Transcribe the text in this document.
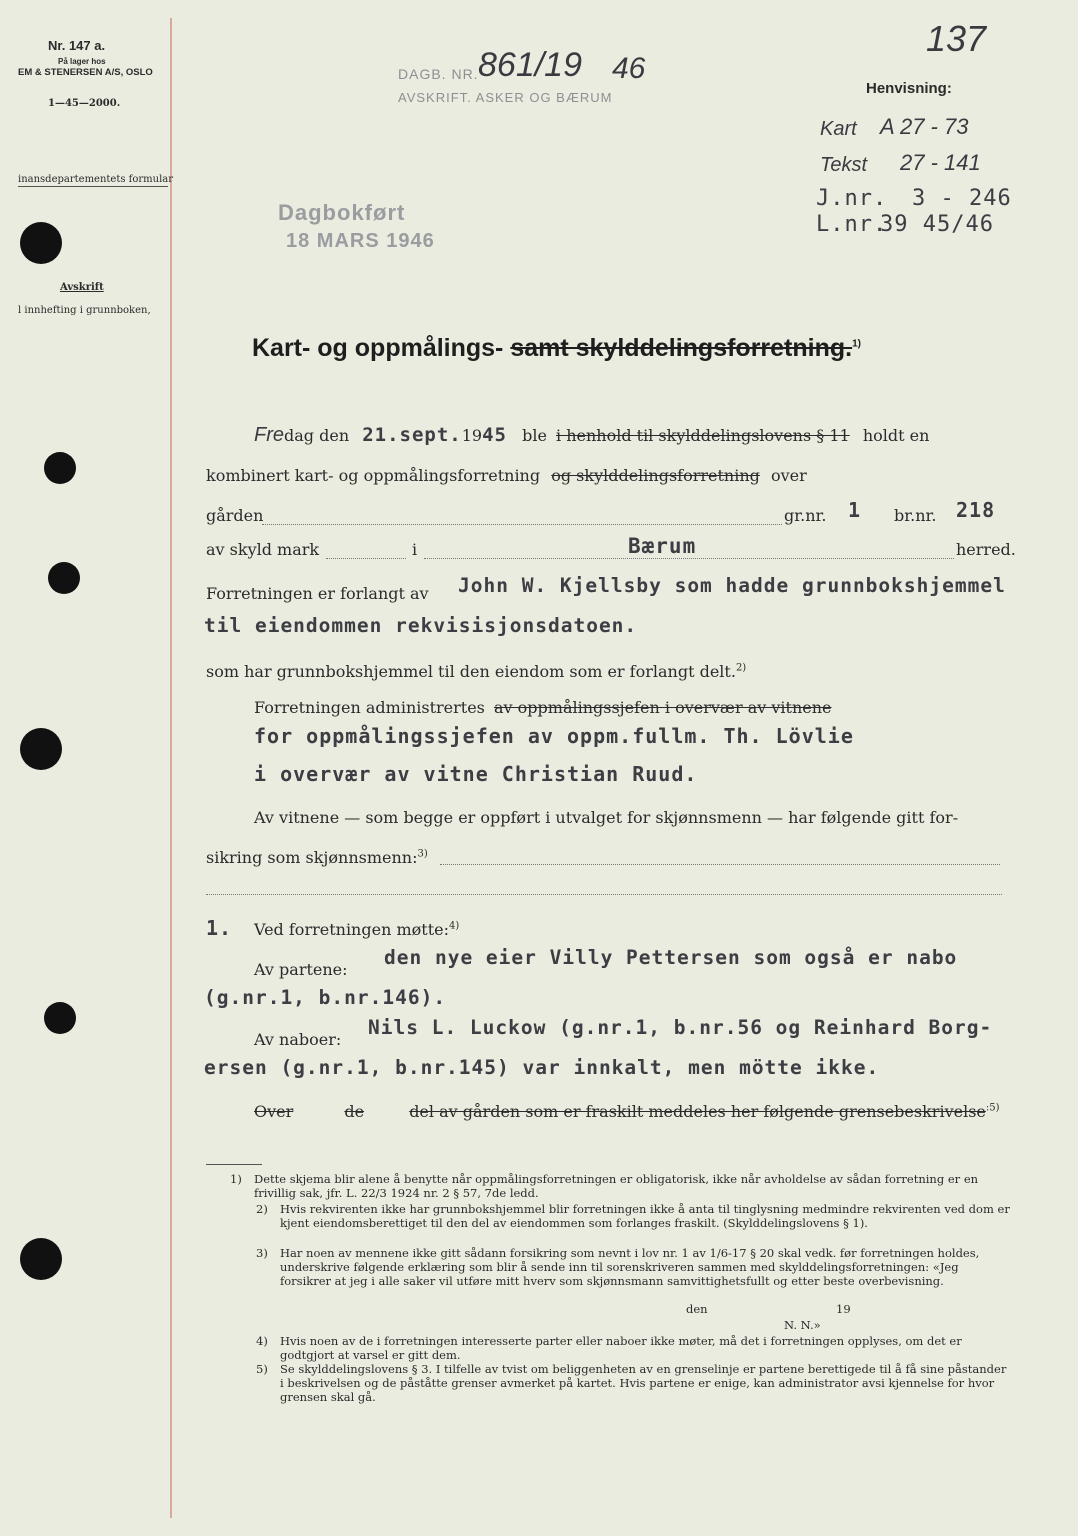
Nr. 147 a.
På lager hos
EM & STENERSEN A/S, OSLO
1—45—2000.
inansdepartementets formular
Avskrift
l innhefting i grunnboken,
DAGB. NR. 861/19 46
AVSKRIFT. ASKER OG BÆRUM
Dagbokført
18 MARS 1946
137
Henvisning:
Kart A 27 - 73
Tekst 27 - 141
J.nr. 3 - 246
L.nr.
39 45/46
Kart- og oppmålings- samt skylddelingsforretning.$^{1)}$
Fredag den 21.sept.1945 ble i henhold til skylddelingslovens § 11 holdt en
kombinert kart- og oppmålingsforretning og skylddelingsforretning over
gården	gr.nr. 1 br.nr. 218
av skyld mark	i	Bærum	herred.
Forretningen er forlangt av John W. Kjellsby som hadde grunnbokshjemmel
til eiendommen rekvisisjonsdatoen.
som har grunnbokshjemmel til den eiendom som er forlangt delt.$^{2)}$
Forretningen administrertes av oppmålingssjefen i overvær av vitnene
for oppmålingssjefen av oppm.fullm. Th. Lövlie
i overvær av vitne Christian Ruud.
Av vitnene — som begge er oppført i utvalget for skjønnsmenn — har følgende gitt for-
sikring som skjønnsmenn:$^{3)}$
1. Ved forretningen møtte:$^{4)}$
Av partene:
den nye eier Villy Pettersen som også er nabo
(g.nr.1, b.nr.146).
Av naboer:
Nils L. Luckow (g.nr.1, b.nr.56 og Reinhard Borg-
ersen (g.nr.1, b.nr.145) var innkalt, men mötte ikke.
Over	de	del av gården som er fraskilt meddeles her følgende grensebeskrivelse$^{:5)}$
1) Dette skjema blir alene å benytte når oppmålingsforretningen er obligatorisk, ikke når avholdelse av sådan forretning er en frivillig sak, jfr. L. 22/3 1924 nr. 2 § 57, 7de ledd.
2) Hvis rekvirenten ikke har grunnbokshjemmel blir forretningen ikke å anta til tinglysning medmindre rekvirenten ved dom er kjent eiendomsberettiget til den del av eiendommen som forlanges fraskilt. (Skylddelingslovens § 1).
3) Har noen av mennene ikke gitt sådann forsikring som nevnt i lov nr. 1 av 1/6-17 § 20 skal vedk. før forretningen holdes, underskrive følgende erklæring som blir å sende inn til sorenskriveren sammen med skylddelingsforretningen: «Jeg forsikrer at jeg i alle saker vil utføre mitt hverv som skjønnsmann samvittighetsfullt og etter beste overbevisning.
den	19
N. N.»
4) Hvis noen av de i forretningen interesserte parter eller naboer ikke møter, må det i forretningen opplyses, om det er godtgjort at varsel er gitt dem.
5) Se skylddelingslovens § 3. I tilfelle av tvist om beliggenheten av en grenselinje er partene berettigede til å få sine påstander i beskrivelsen og de påståtte grenser avmerket på kartet. Hvis partene er enige, kan administrator avsi kjennelse for hvor grensen skal gå.
